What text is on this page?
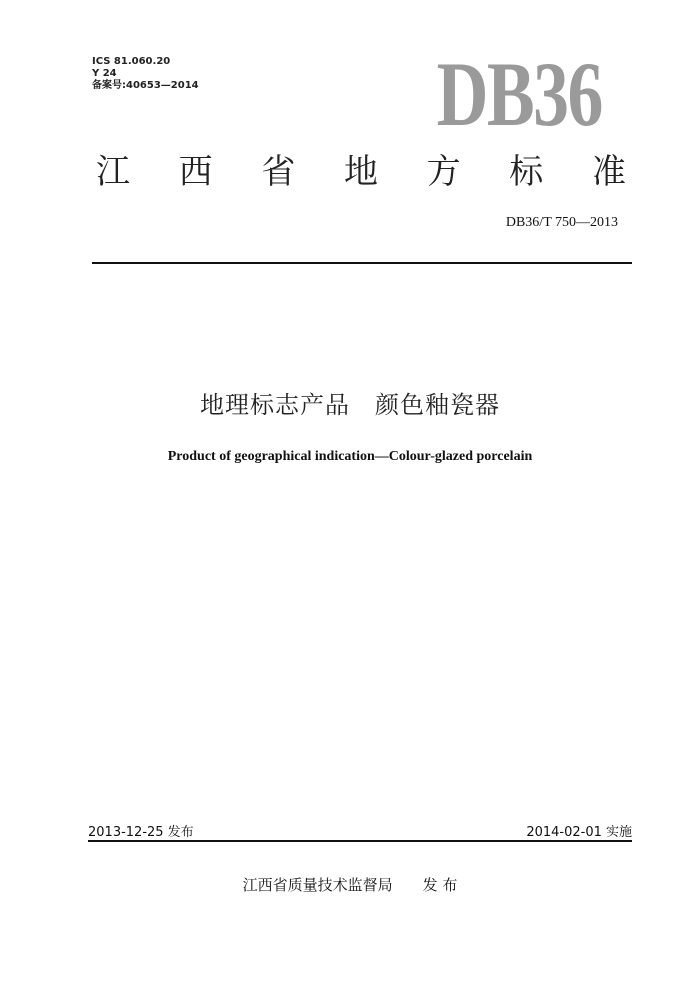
ICS 81.060.20
Y 24
备案号:40653—2014	DB36
江 西 省 地 方 标 准
DB36/T 750—2013
地理标志产品　颜色釉瓷器
Product of geographical indication—Colour-glazed porcelain
2013-12-25 发布	2014-02-01 实施
江西省质量技术监督局 发 布
